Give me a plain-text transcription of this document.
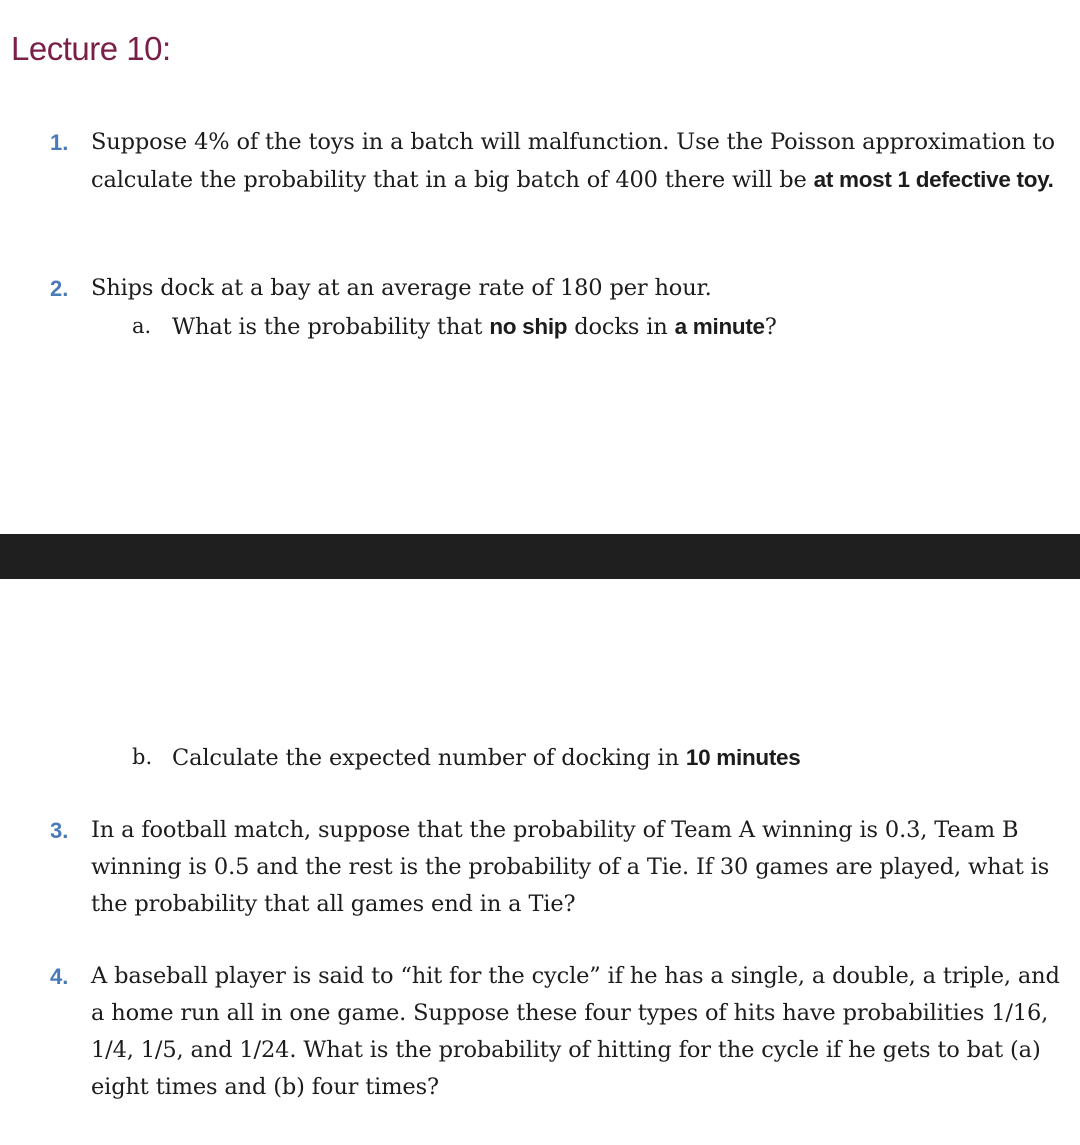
Lecture 10:
1. Suppose 4% of the toys in a batch will malfunction. Use the Poisson approximation to calculate the probability that in a big batch of 400 there will be at most 1 defective toy.

2. Ships dock at a bay at an average rate of 180 per hour.

a. What is the probability that no ship docks in a minute?

b. Calculate the expected number of docking in 10 minutes

3. In a football match, suppose that the probability of Team A winning is 0.3, Team B winning is 0.5 and the rest is the probability of a Tie. If 30 games are played, what is the probability that all games end in a Tie?

4. A baseball player is said to “hit for the cycle” if he has a single, a double, a triple, and a home run all in one game. Suppose these four types of hits have probabilities 1/16, 1/4, 1/5, and 1/24. What is the probability of hitting for the cycle if he gets to bat (a) eight times and (b) four times?
